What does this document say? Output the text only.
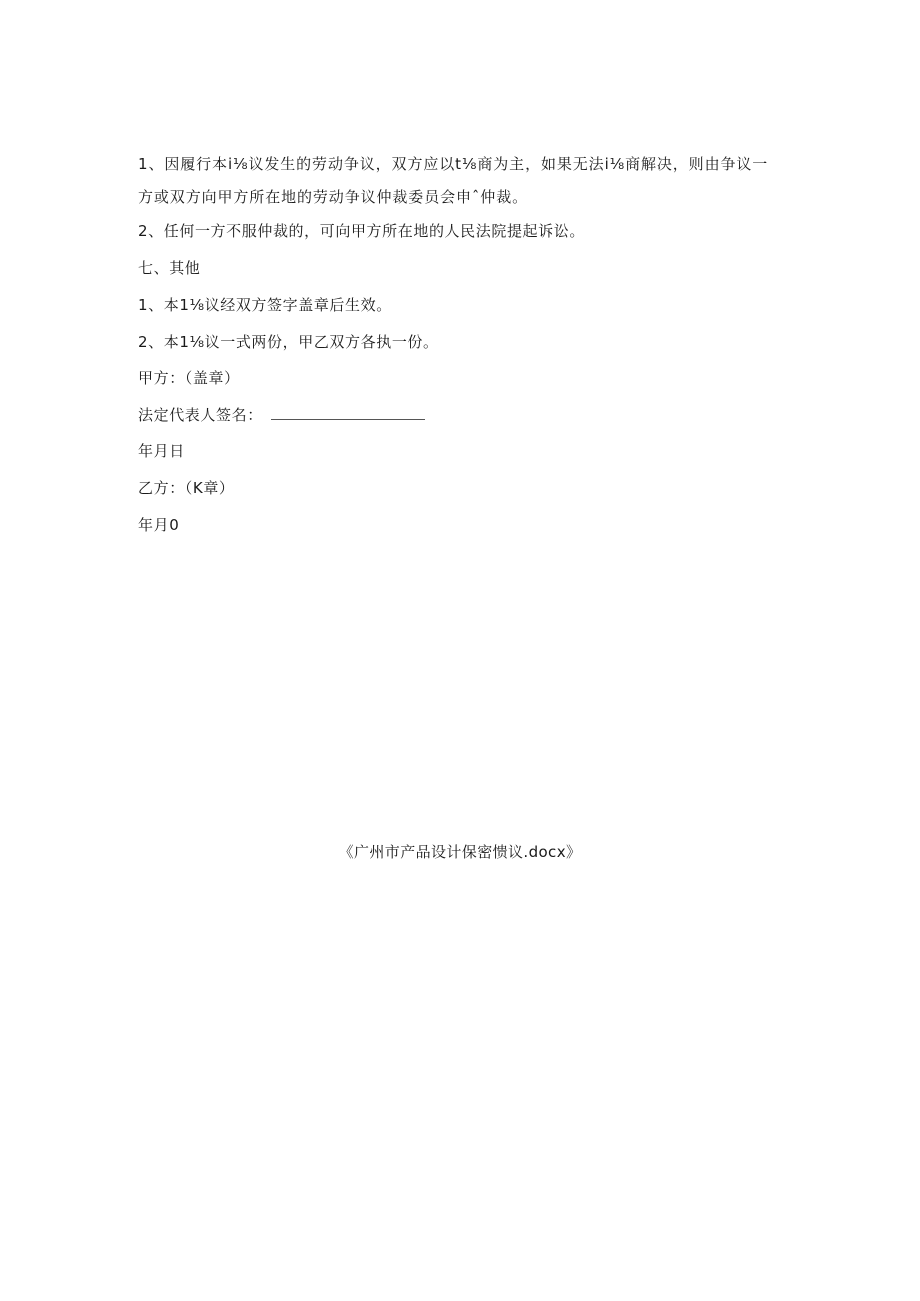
1、因履行本i⅛议发生的劳动争议，双方应以t⅛商为主，如果无法i⅛商解决，则由争议一方或双方向甲方所在地的劳动争议仲裁委员会申ˆ仲裁。
2、任何一方不服仲裁的，可向甲方所在地的人民法院提起诉讼。
七、其他
1、本1⅛议经双方签字盖章后生效。
2、本1⅛议一式两份，甲乙双方各执一份。
甲方：（盖章）
法定代表人签名：
年月日
乙方：（K章）
年月0
《广州市产品设计保密愦议.docx》
